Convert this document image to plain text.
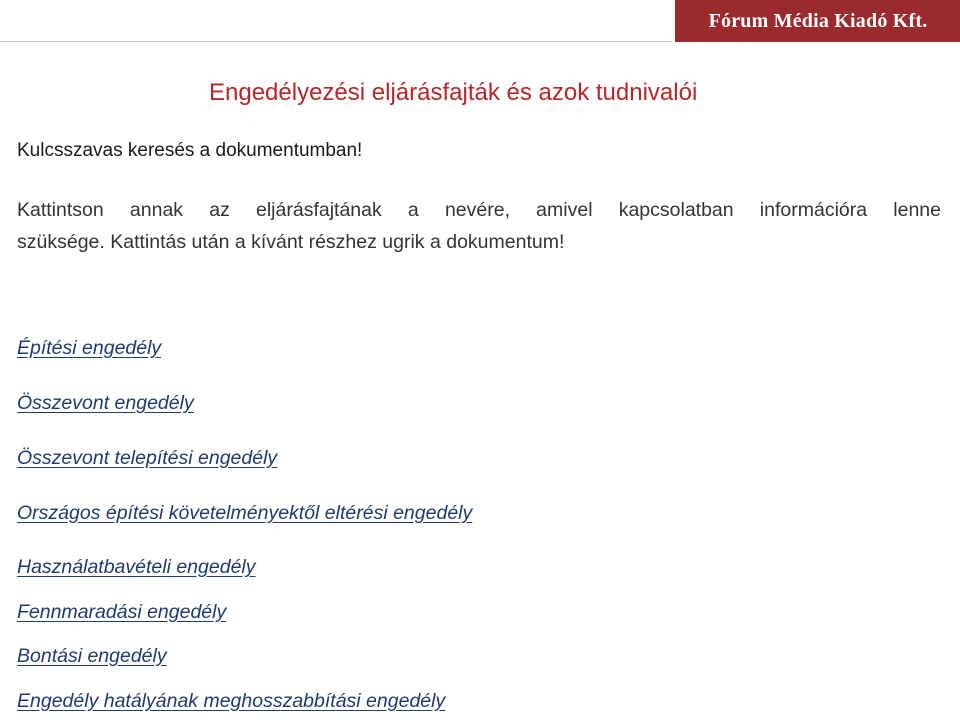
Fórum Média Kiadó Kft.
Engedélyezési eljárásfajták és azok tudnivalói

Kulcsszavas keresés a dokumentumban!

Kattintson annak az eljárásfajtának a nevére, amivel kapcsolatban információra lenne
szüksége. Kattintás után a kívánt részhez ugrik a dokumentum!

Építési engedély
Összevont engedély
Összevont telepítési engedély
Országos építési követelményektől eltérési engedély
Használatbavételi engedély
Fennmaradási engedély
Bontási engedély
Engedély hatályának meghosszabbítási engedély
